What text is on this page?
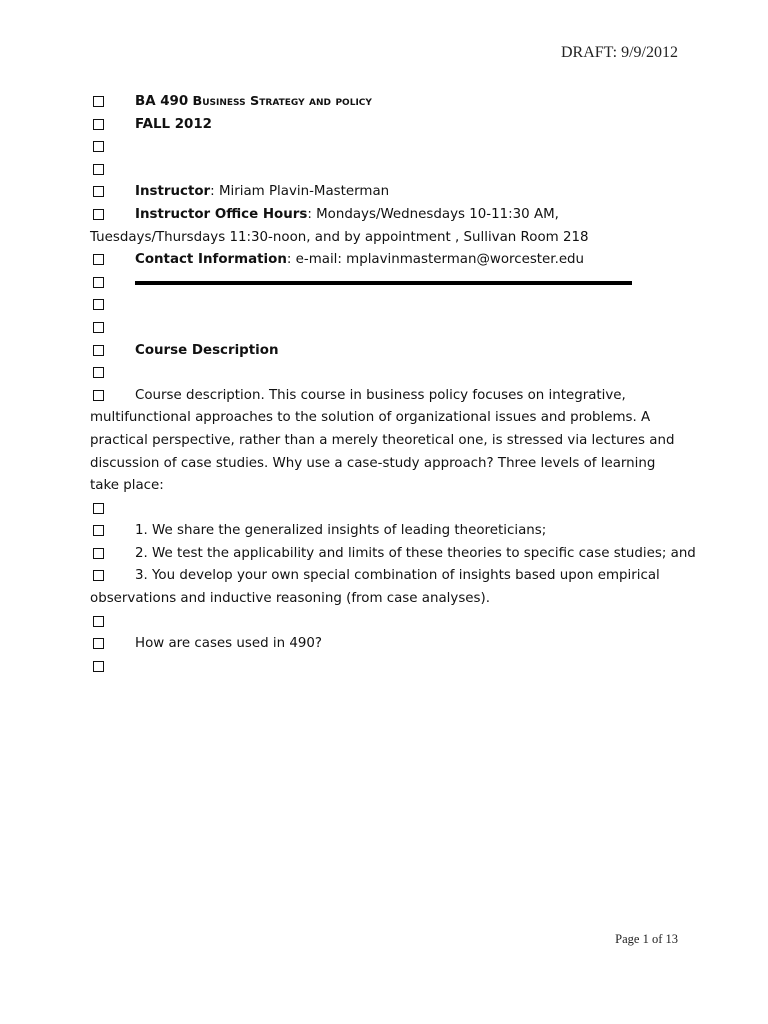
DRAFT: 9/9/2012
BA 490 Business Strategy and policy
FALL 2012
Instructor: Miriam Plavin-Masterman
Instructor Office Hours: Mondays/Wednesdays 10-11:30 AM, Tuesdays/Thursdays 11:30-noon, and by appointment , Sullivan Room 218
Contact Information: e-mail: mplavinmasterman@worcester.edu
Course Description
Course description. This course in business policy focuses on integrative, multifunctional approaches to the solution of organizational issues and problems. A practical perspective, rather than a merely theoretical one, is stressed via lectures and discussion of case studies. Why use a case-study approach? Three levels of learning take place:
1. We share the generalized insights of leading theoreticians;
2. We test the applicability and limits of these theories to specific case studies; and
3. You develop your own special combination of insights based upon empirical observations and inductive reasoning (from case analyses).
How are cases used in 490?
Page 1 of 13
